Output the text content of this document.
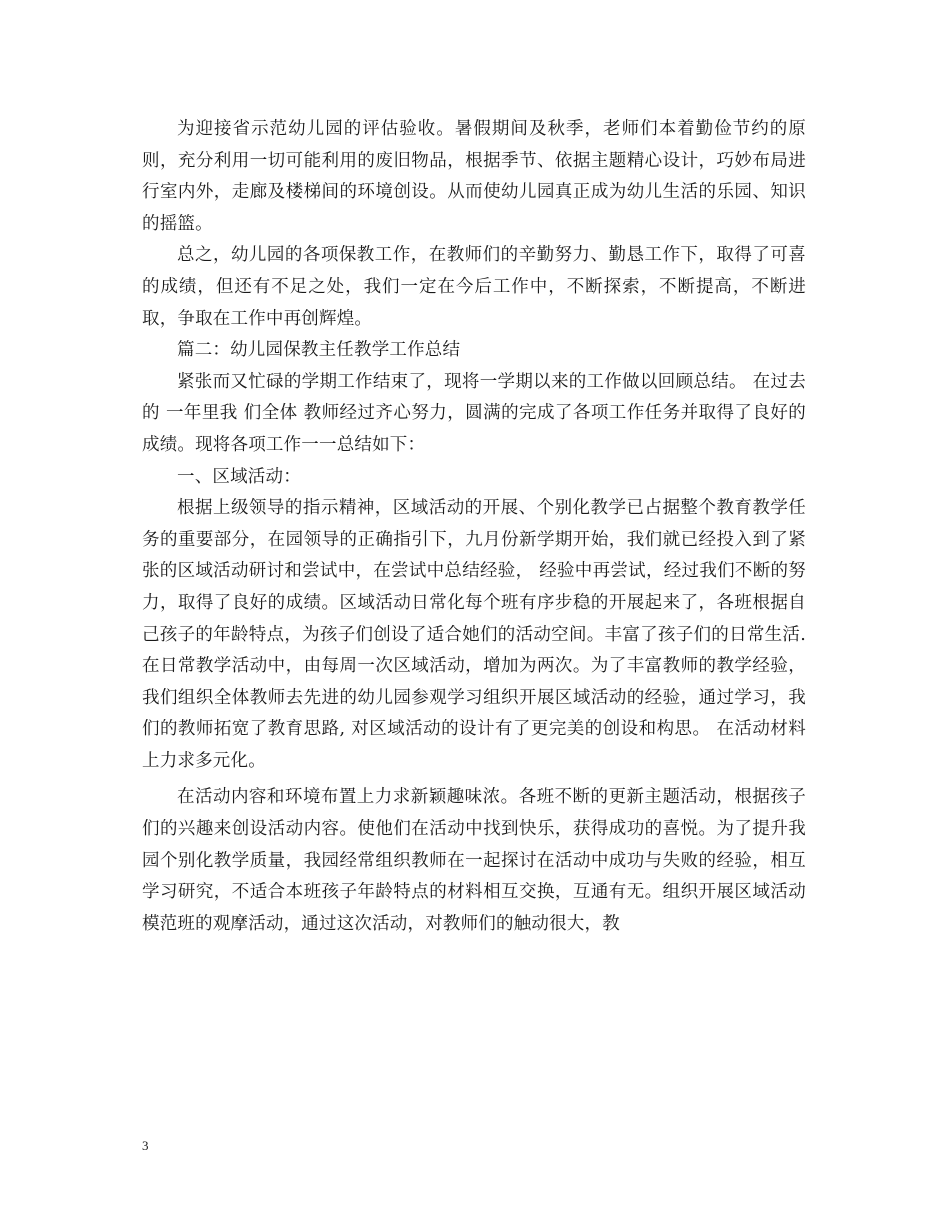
为迎接省示范幼儿园的评估验收。暑假期间及秋季，老师们本着勤俭节约的原则，充分利用一切可能利用的废旧物品，根据季节、依据主题精心设计，巧妙布局进行室内外，走廊及楼梯间的环境创设。从而使幼儿园真正成为幼儿生活的乐园、知识的摇篮。

总之，幼儿园的各项保教工作，在教师们的辛勤努力、勤恳工作下，取得了可喜的成绩，但还有不足之处，我们一定在今后工作中，不断探索，不断提高，不断进取，争取在工作中再创辉煌。

篇二：幼儿园保教主任教学工作总结

紧张而又忙碌的学期工作结束了，现将一学期以来的工作做以回顾总结。 在过去的 一年里我 们全体 教师经过齐心努力，圆满的完成了各项工作任务并取得了良好的成绩。现将各项工作一一总结如下：

一、区域活动：

根据上级领导的指示精神，区域活动的开展、个别化教学已占据整个教育教学任务的重要部分，在园领导的正确指引下，九月份新学期开始，我们就已经投入到了紧张的区域活动研讨和尝试中，在尝试中总结经验， 经验中再尝试，经过我们不断的努力，取得了良好的成绩。区域活动日常化每个班有序步稳的开展起来了，各班根据自己孩子的年龄特点，为孩子们创设了适合她们的活动空间。丰富了孩子们的日常生活.在日常教学活动中，由每周一次区域活动，增加为两次。为了丰富教师的教学经验，我们组织全体教师去先进的幼儿园参观学习组织开展区域活动的经验，通过学习，我们的教师拓宽了教育思路, 对区域活动的设计有了更完美的创设和构思。 在活动材料上力求多元化。

在活动内容和环境布置上力求新颖趣味浓。各班不断的更新主题活动，根据孩子们的兴趣来创设活动内容。使他们在活动中找到快乐，获得成功的喜悦。为了提升我园个别化教学质量，我园经常组织教师在一起探讨在活动中成功与失败的经验，相互学习研究，不适合本班孩子年龄特点的材料相互交换，互通有无。组织开展区域活动模范班的观摩活动，通过这次活动，对教师们的触动很大，教

3
